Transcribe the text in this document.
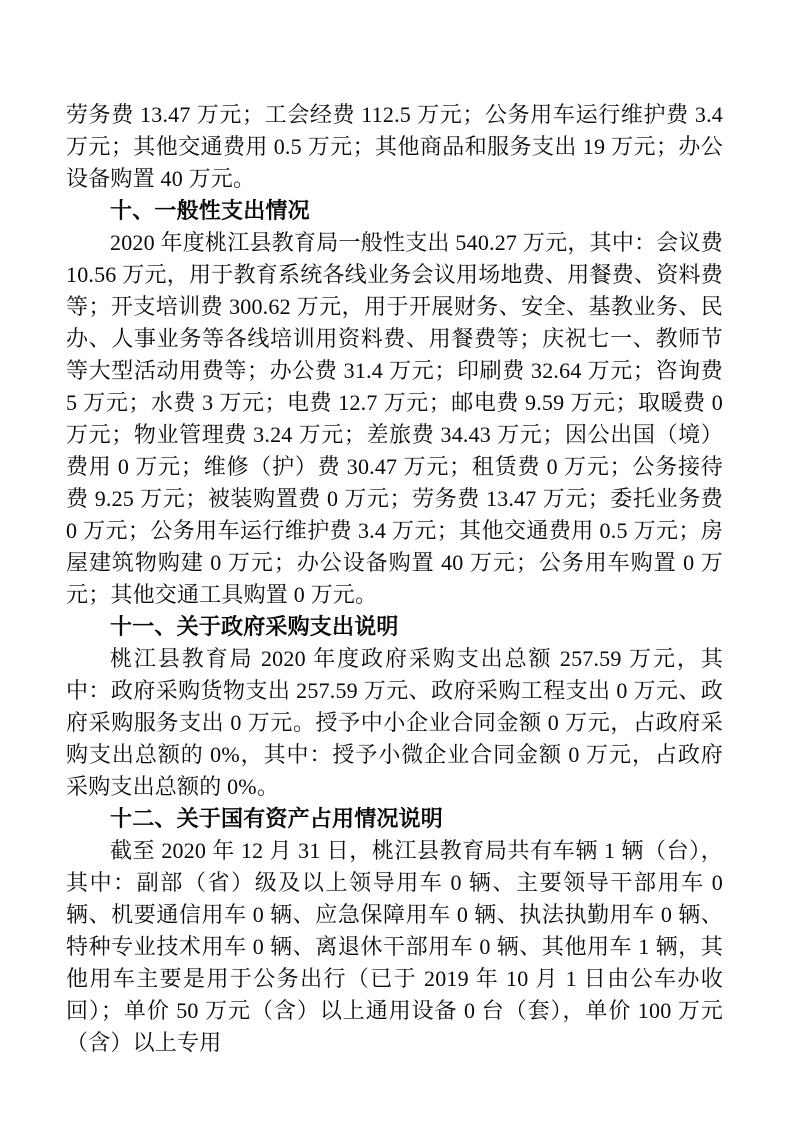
劳务费 13.47 万元；工会经费 112.5 万元；公务用车运行维护费 3.4 万元；其他交通费用 0.5 万元；其他商品和服务支出 19 万元；办公设备购置 40 万元。

十、一般性支出情况

2020 年度桃江县教育局一般性支出 540.27 万元，其中：会议费 10.56 万元，用于教育系统各线业务会议用场地费、用餐费、资料费等；开支培训费 300.62 万元，用于开展财务、安全、基教业务、民办、人事业务等各线培训用资料费、用餐费等；庆祝七一、教师节等大型活动用费等；办公费 31.4 万元；印刷费 32.64 万元；咨询费 5 万元；水费 3 万元；电费 12.7 万元；邮电费 9.59 万元；取暖费 0 万元；物业管理费 3.24 万元；差旅费 34.43 万元；因公出国（境）费用 0 万元；维修（护）费 30.47 万元；租赁费 0 万元；公务接待费 9.25 万元；被装购置费 0 万元；劳务费 13.47 万元；委托业务费 0 万元；公务用车运行维护费 3.4 万元；其他交通费用 0.5 万元；房屋建筑物购建 0 万元；办公设备购置 40 万元；公务用车购置 0 万元；其他交通工具购置 0 万元。

十一、关于政府采购支出说明

桃江县教育局 2020 年度政府采购支出总额 257.59 万元，其中：政府采购货物支出 257.59 万元、政府采购工程支出 0 万元、政府采购服务支出 0 万元。授予中小企业合同金额 0 万元，占政府采购支出总额的 0%，其中：授予小微企业合同金额 0 万元，占政府采购支出总额的 0%。

十二、关于国有资产占用情况说明

截至 2020 年 12 月 31 日，桃江县教育局共有车辆 1 辆（台），其中：副部（省）级及以上领导用车 0 辆、主要领导干部用车 0 辆、机要通信用车 0 辆、应急保障用车 0 辆、执法执勤用车 0 辆、特种专业技术用车 0 辆、离退休干部用车 0 辆、其他用车 1 辆，其他用车主要是用于公务出行（已于 2019 年 10 月 1 日由公车办收回）；单价 50 万元（含）以上通用设备 0 台（套），单价 100 万元（含）以上专用
